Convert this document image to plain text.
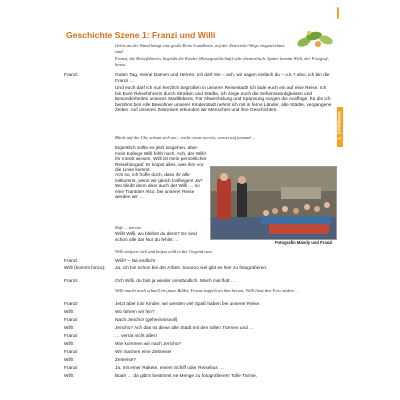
1. Zeitklasse
Geschichte Szene 1: Franzi und Willi
Gehts an der Wand hängt eine große Reise-Landkarte, auf der Zeitreiche-Wege eingezeichnet sind.
Franzi, die Reiseführerin, begrüßt die Kinder (Reisegesellschaft) sehr theatralisch. Später kommt Willi, der Fotograf, hinzu.
Franzi:	Guten Tag, meine Damen und Herren. Ich darf Sie – ach, wir sagen einfach du – o.k.? also, ich bin die Franzi …
Und euch darf ich nun herzlich begrüßen in unserer Reisestadt! Ich lade euch ein auf eine Reise. Ich bin Eure Reiseführerin durch Straßen und Städte, ich zeige euch die Sehenswürdigkeiten und Besonderheiten unseres Stadtlebens. Für Abwechslung und Spannung sorgen die Ausflüge, für die ich berühmt bin! Alle Bewohner unserer Kinderstadt nehmt ich mit in ferne Länder, alte Städte, vergangene Zeiten. Auf unseren Zeitreisen erkunden wir Menschen und ihre Geschichten.
Blickt auf die Uhr, schaut sich um – wirkt etwas nervös, wartet auf jemand …
Eigentlich sollte es jetzt losgehen, aber mein Kollege Willi fehlt noch. Ach, der Willi! Ihr müsst wissen, Willi ist mein persönlicher Reisefotograf. Er knipst alles, was ihm vor die Linse kommt.
Ach so, ich hoffe doch, dass ihr alle mitkommt, wenn wir gleich losfliegen! Ja? Wo bleibt denn aber auch der Willi … so eine Trantüte! Also, bei unserer Reise werden wir …
Ruft … nervös
Willi! Willi, wo bleibst du denn? Es sind schon alle da! Nur du fehlst …
Willi stolpert sich und knipst wild in der Gegend rum.
Fotografin Mandy und Franzi
Franzi:	Willi? – Na endlich!
Willi (kommt hinzu):	Ja, ich bin schon bei der Arbeit. Sooooo viel gibt es hier zu fotografieren.
Franzi:	Och Willi, du bist ja wieder umständlich. Mach mal flott …
Willi macht noch schnell ein paar Bilder, Franzi zappelt an ihm herum, Willi lässt den Foto sinken …
Franzi:	Jetzt aber los! Kinder, wir werden viel Spaß haben bei unserer Reise.
Willi:	Wo fahren wir hin?
Franzi:	Nach Jericho! (geheimnisvoll)
Willi:	Jericho? Ach das ist diese alte Stadt mit den tollen Türmen und …
Franzi:	… verrat nicht alles!
Willi:	Wie kommen wir nach Jericho?
Franzi:	Wir machen eine Zeitreise!
Willi:	Zeitreise?
Franzi:	Ja, mit einer Rakete, einem Schiff oder Reisebus …
Willi:	Boah … da gibt's bestimmt ne Menge zu fotografieren! Tolle Türme,
